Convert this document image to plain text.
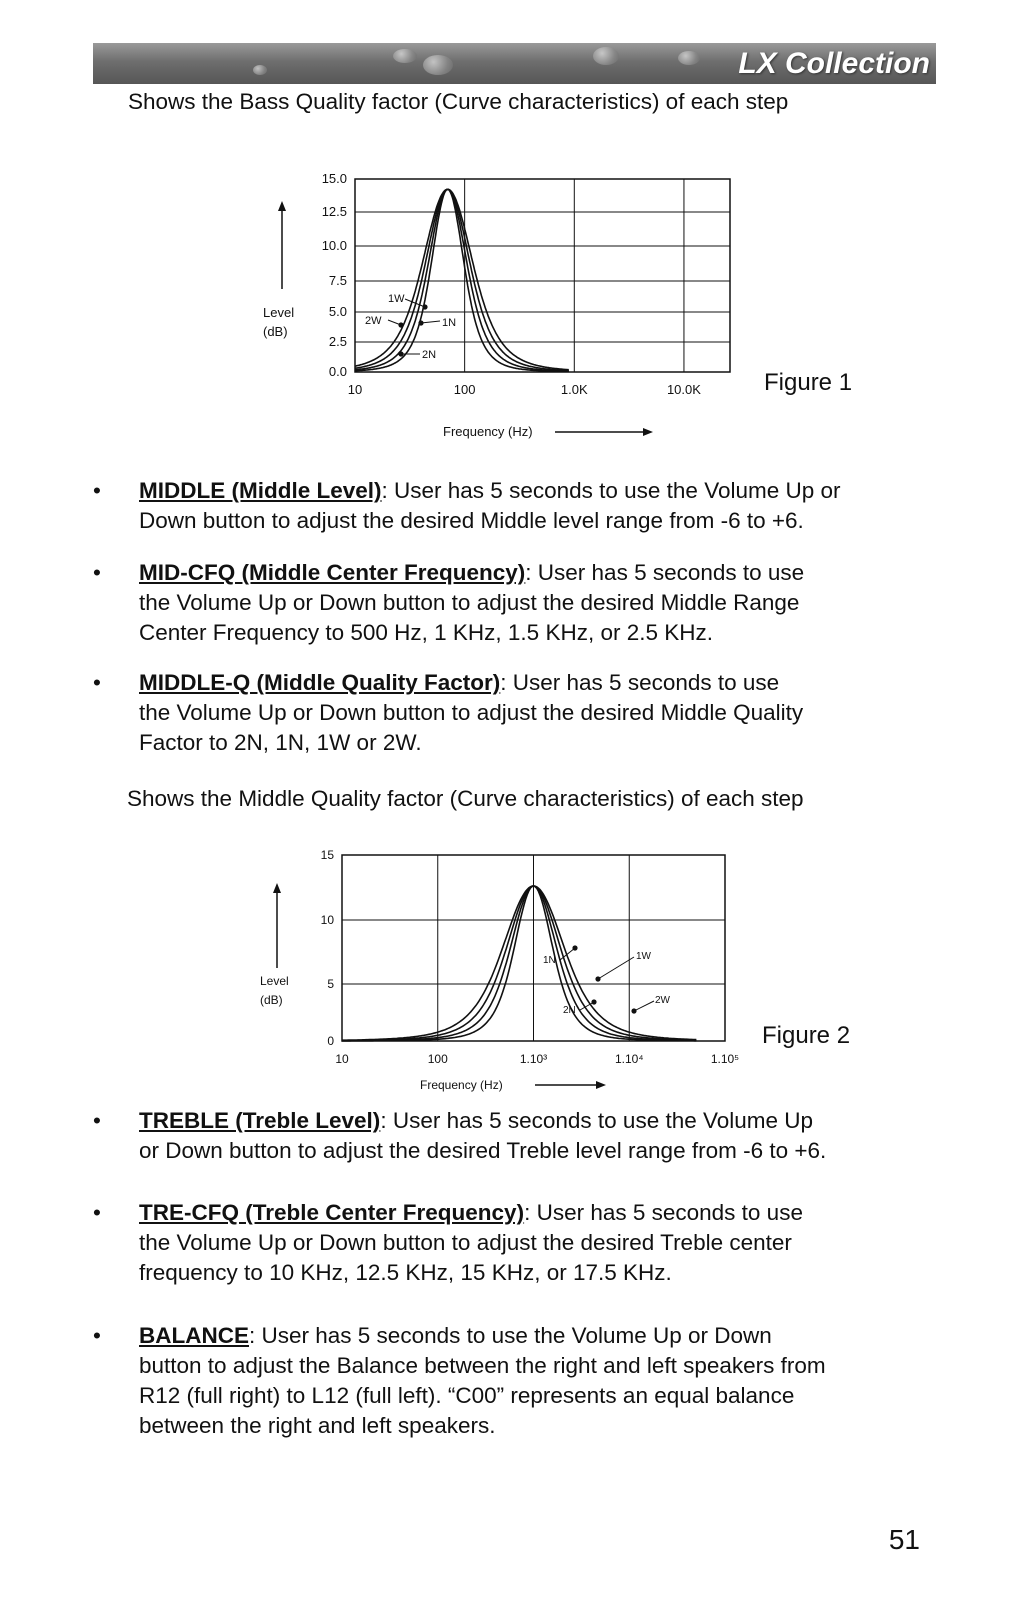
LX Collection
Shows the Bass Quality factor (Curve characteristics) of each step
15.0
12.5
10.0
7.5
5.0
2.5
0.0
10	100	1.0K	10.0K
1W
2W	1N
2N
Level
(dB)
Frequency (Hz)
Figure 1
•	MIDDLE (Middle Level): User has 5 seconds to use the Volume Up or
Down button to adjust the desired Middle level range from -6 to +6.
•	MID-CFQ (Middle Center Frequency): User has 5 seconds to use
the Volume Up or Down button to adjust the desired Middle Range
Center Frequency to 500 Hz, 1 KHz, 1.5 KHz, or 2.5 KHz.
•	MIDDLE-Q (Middle Quality Factor): User has 5 seconds to use
the Volume Up or Down button to adjust the desired Middle Quality
Factor to 2N, 1N, 1W or 2W.
Shows the Middle Quality factor (Curve characteristics) of each step
15
10
5
0
10	100	1.10³	1.10⁴	1.10⁵
1N	1W
2N
2W
Level
(dB)
Frequency (Hz)
Figure 2
•	TREBLE (Treble Level): User has 5 seconds to use the Volume Up
or Down button to adjust the desired Treble level range from -6 to +6.
•	TRE-CFQ (Treble Center Frequency): User has 5 seconds to use
the Volume Up or Down button to adjust the desired Treble center
frequency to 10 KHz, 12.5 KHz, 15 KHz, or 17.5 KHz.
•	BALANCE: User has 5 seconds to use the Volume Up or Down
button to adjust the Balance between the right and left speakers from
R12 (full right) to L12 (full left). “C00” represents an equal balance
between the right and left speakers.
51
